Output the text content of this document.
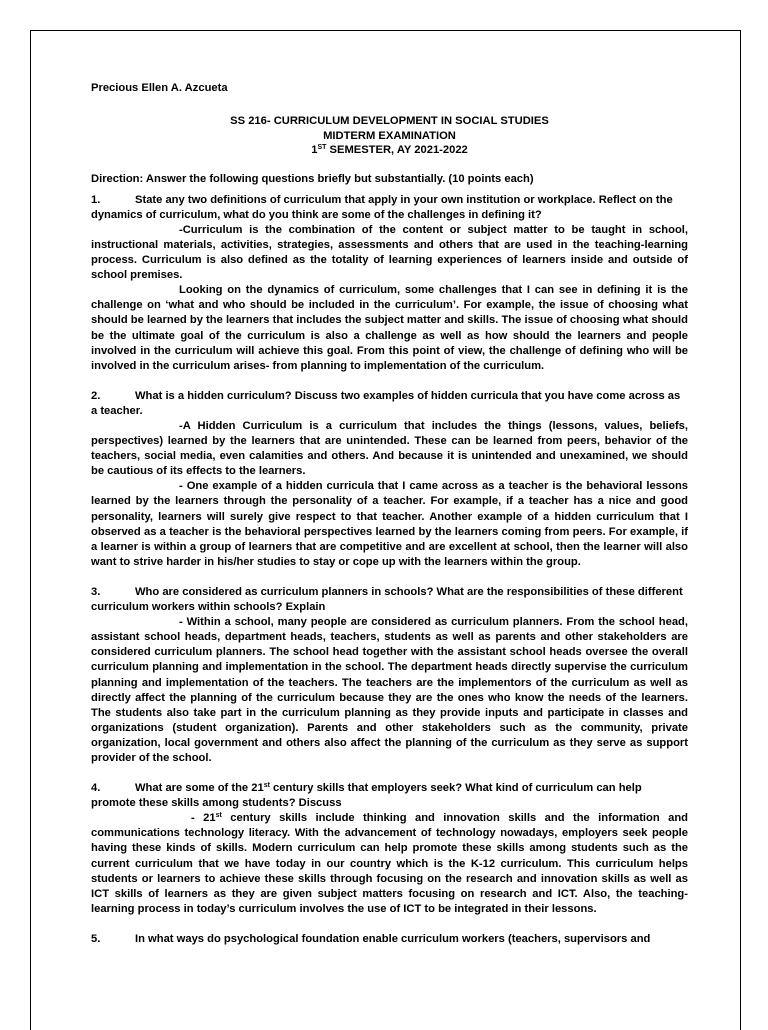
Precious Ellen A. Azcueta
SS 216- CURRICULUM DEVELOPMENT IN SOCIAL STUDIES
MIDTERM EXAMINATION
1ST SEMESTER, AY 2021-2022
Direction: Answer the following questions briefly but substantially. (10 points each)
1.	State any two definitions of curriculum that apply in your own institution or workplace. Reflect on the dynamics of curriculum, what do you think are some of the challenges in defining it?

-Curriculum is the combination of the content or subject matter to be taught in school, instructional materials, activities, strategies, assessments and others that are used in the teaching-learning process. Curriculum is also defined as the totality of learning experiences of learners inside and outside of school premises.

Looking on the dynamics of curriculum, some challenges that I can see in defining it is the challenge on ‘what and who should be included in the curriculum’. For example, the issue of choosing what should be learned by the learners that includes the subject matter and skills. The issue of choosing what should be the ultimate goal of the curriculum is also a challenge as well as how should the learners and people involved in the curriculum will achieve this goal. From this point of view, the challenge of defining who will be involved in the curriculum arises- from planning to implementation of the curriculum.

2.	What is a hidden curriculum? Discuss two examples of hidden curricula that you have come across as a teacher.

-A Hidden Curriculum is a curriculum that includes the things (lessons, values, beliefs, perspectives) learned by the learners that are unintended. These can be learned from peers, behavior of the teachers, social media, even calamities and others. And because it is unintended and unexamined, we should be cautious of its effects to the learners.

- One example of a hidden curricula that I came across as a teacher is the behavioral lessons learned by the learners through the personality of a teacher. For example, if a teacher has a nice and good personality, learners will surely give respect to that teacher. Another example of a hidden curriculum that I observed as a teacher is the behavioral perspectives learned by the learners coming from peers. For example, if a learner is within a group of learners that are competitive and are excellent at school, then the learner will also want to strive harder in his/her studies to stay or cope up with the learners within the group.

3.	Who are considered as curriculum planners in schools? What are the responsibilities of these different curriculum workers within schools? Explain

- Within a school, many people are considered as curriculum planners. From the school head, assistant school heads, department heads, teachers, students as well as parents and other stakeholders are considered curriculum planners. The school head together with the assistant school heads oversee the overall curriculum planning and implementation in the school. The department heads directly supervise the curriculum planning and implementation of the teachers. The teachers are the implementors of the curriculum as well as directly affect the planning of the curriculum because they are the ones who know the needs of the learners. The students also take part in the curriculum planning as they provide inputs and participate in classes and organizations (student organization). Parents and other stakeholders such as the community, private organization, local government and others also affect the planning of the curriculum as they serve as support provider of the school.

4.	What are some of the 21st century skills that employers seek? What kind of curriculum can help promote these skills among students? Discuss

- 21st century skills include thinking and innovation skills and the information and communications technology literacy. With the advancement of technology nowadays, employers seek people having these kinds of skills. Modern curriculum can help promote these skills among students such as the current curriculum that we have today in our country which is the K-12 curriculum. This curriculum helps students or learners to achieve these skills through focusing on the research and innovation skills as well as ICT skills of learners as they are given subject matters focusing on research and ICT. Also, the teaching-learning process in today’s curriculum involves the use of ICT to be integrated in their lessons.

5.	In what ways do psychological foundation enable curriculum workers (teachers, supervisors and
